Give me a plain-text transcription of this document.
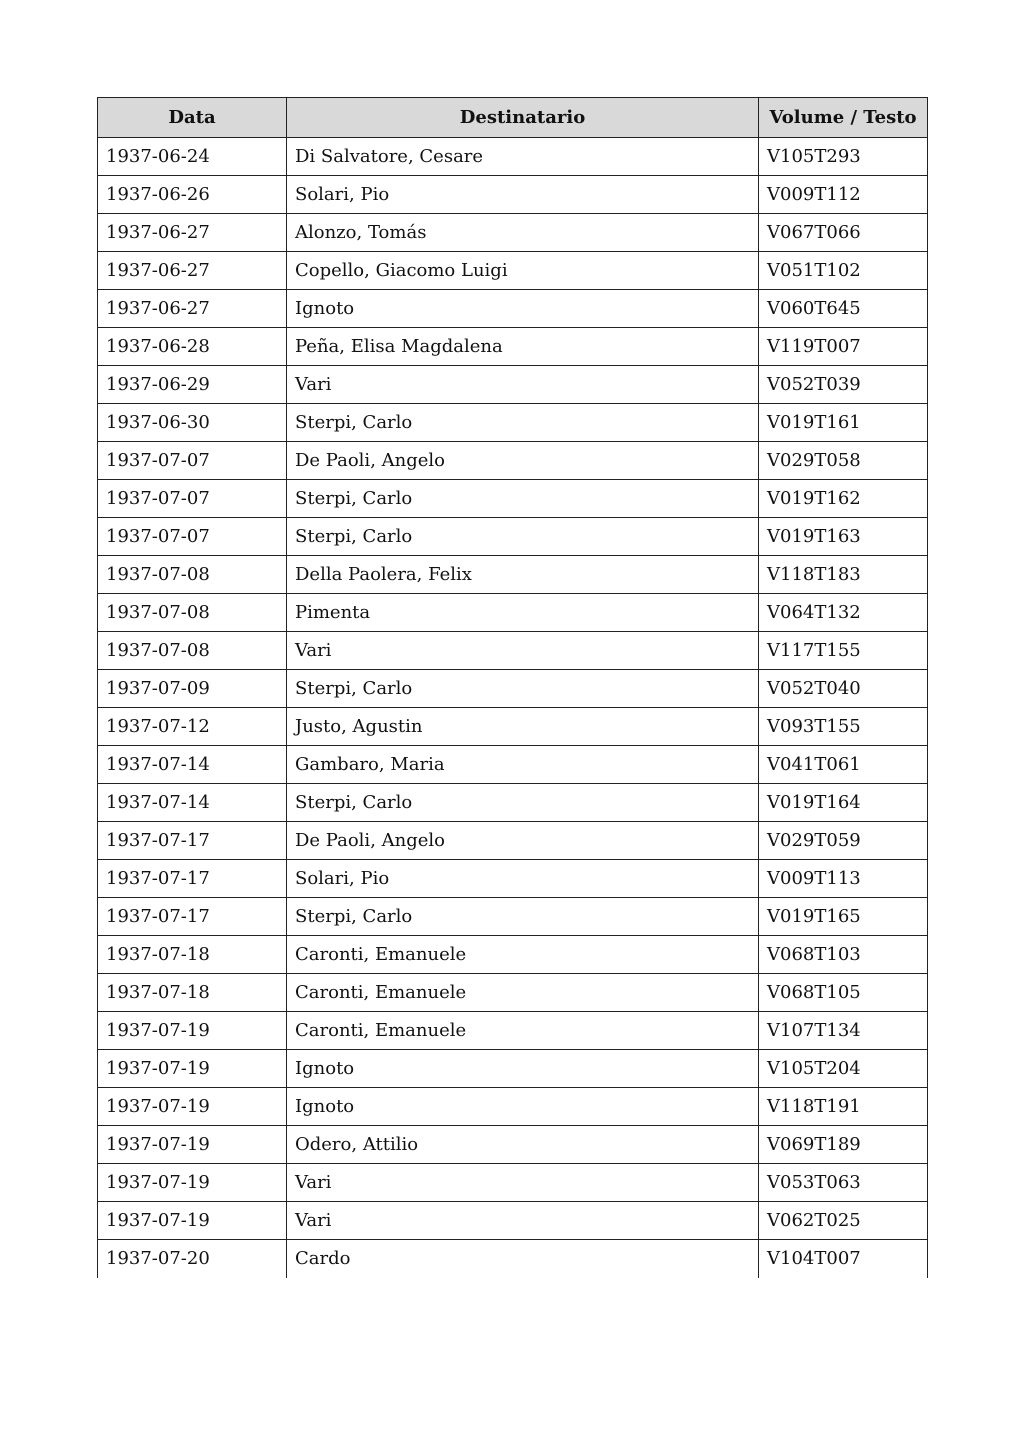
Data	Destinatario	Volume / Testo
1937-06-24	Di Salvatore, Cesare	V105T293
1937-06-26	Solari, Pio	V009T112
1937-06-27	Alonzo, Tomás	V067T066
1937-06-27	Copello, Giacomo Luigi	V051T102
1937-06-27	Ignoto	V060T645
1937-06-28	Peña, Elisa Magdalena	V119T007
1937-06-29	Vari	V052T039
1937-06-30	Sterpi, Carlo	V019T161
1937-07-07	De Paoli, Angelo	V029T058
1937-07-07	Sterpi, Carlo	V019T162
1937-07-07	Sterpi, Carlo	V019T163
1937-07-08	Della Paolera, Felix	V118T183
1937-07-08	Pimenta	V064T132
1937-07-08	Vari	V117T155
1937-07-09	Sterpi, Carlo	V052T040
1937-07-12	Justo, Agustin	V093T155
1937-07-14	Gambaro, Maria	V041T061
1937-07-14	Sterpi, Carlo	V019T164
1937-07-17	De Paoli, Angelo	V029T059
1937-07-17	Solari, Pio	V009T113
1937-07-17	Sterpi, Carlo	V019T165
1937-07-18	Caronti, Emanuele	V068T103
1937-07-18	Caronti, Emanuele	V068T105
1937-07-19	Caronti, Emanuele	V107T134
1937-07-19	Ignoto	V105T204
1937-07-19	Ignoto	V118T191
1937-07-19	Odero, Attilio	V069T189
1937-07-19	Vari	V053T063
1937-07-19	Vari	V062T025
1937-07-20	Cardo	V104T007
